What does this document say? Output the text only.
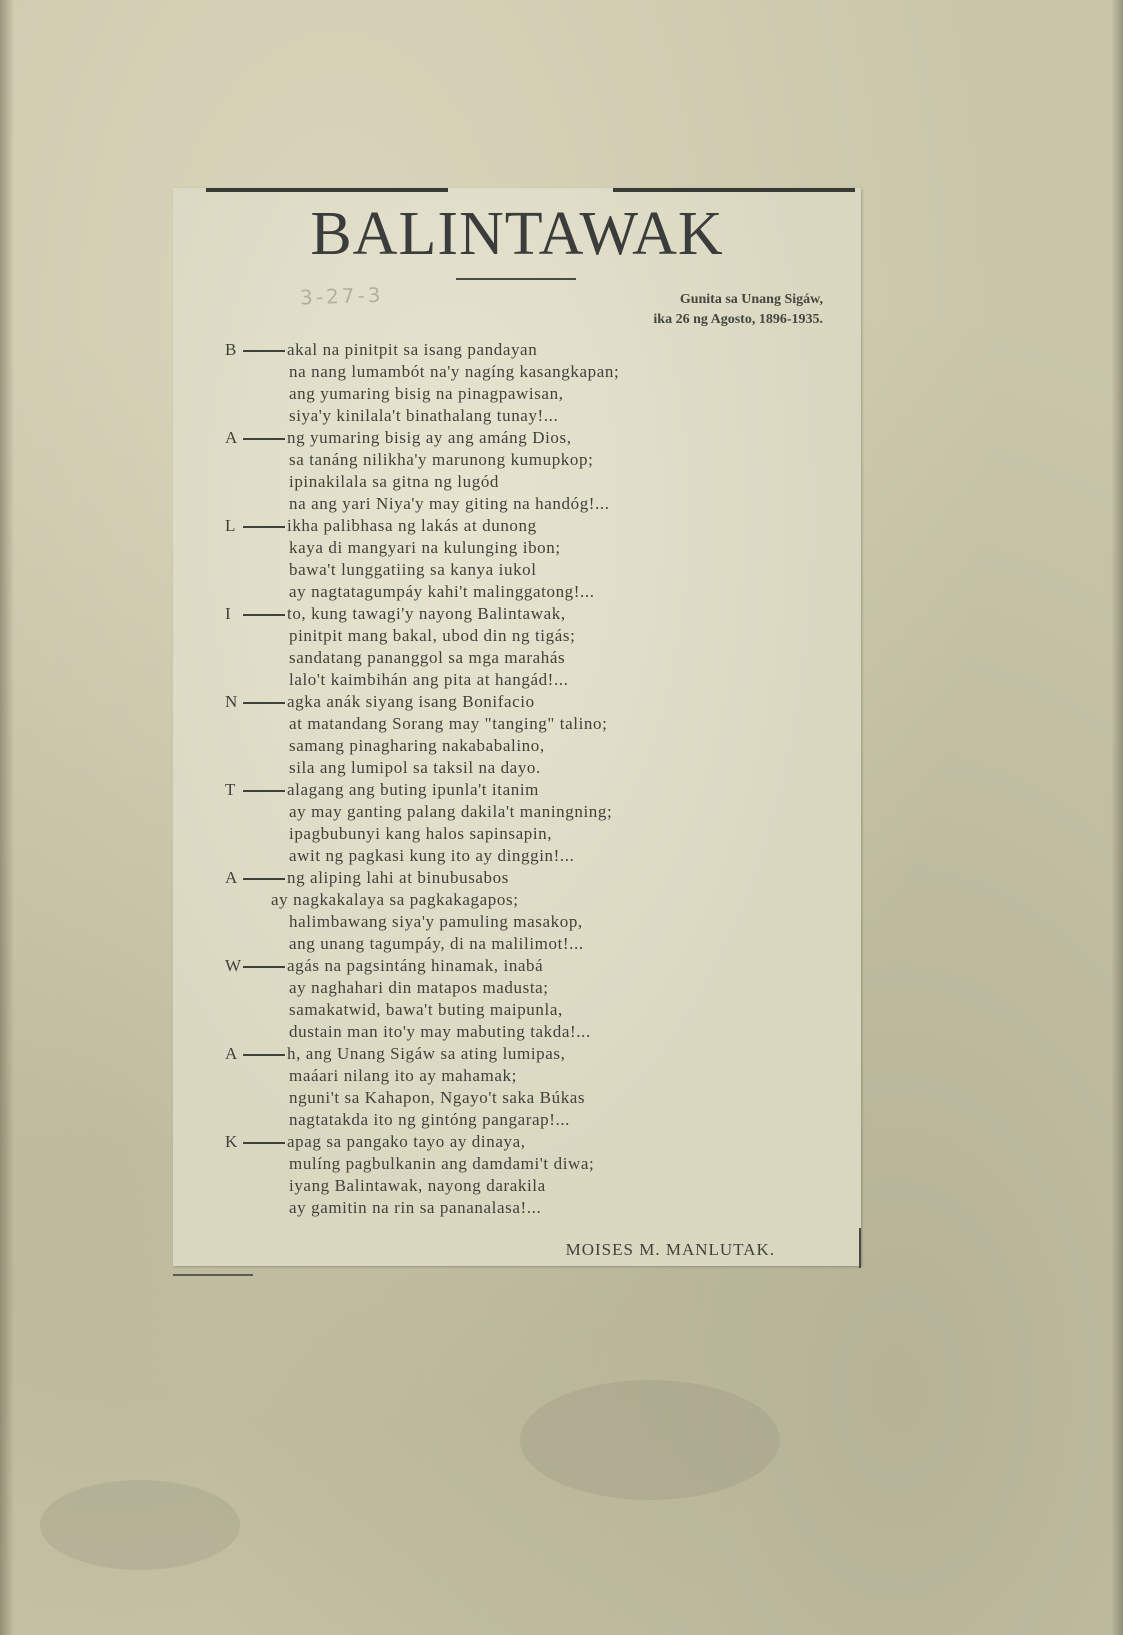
BALINTAWAK
3-27-3	Gunita sa Unang Sigáw,
ika 26 ng Agosto, 1896-1935.
B	akal na pinitpit sa isang pandayan
na nang lumambót na'y nagíng kasangkapan;
ang yumaring bisig na pinagpawisan,
siya'y kinilala't binathalang tunay!...
A	ng yumaring bisig ay ang amáng Dios,
sa tanáng nilikha'y marunong kumupkop;
ipinakilala sa gitna ng lugód
na ang yari Niya'y may giting na handóg!...
L	ikha palibhasa ng lakás at dunong
kaya di mangyari na kulunging ibon;
bawa't lunggatiing sa kanya iukol
ay nagtatagumpáy kahi't malinggatong!...
I	to, kung tawagi'y nayong Balintawak,
pinitpit mang bakal, ubod din ng tigás;
sandatang pananggol sa mga marahás
lalo't kaimbihán ang pita at hangád!...
N	agka anák siyang isang Bonifacio
at matandang Sorang may "tanging" talino;
samang pinagharing nakababalino,
sila ang lumipol sa taksil na dayo.
T	alagang ang buting ipunla't itanim
ay may ganting palang dakila't maningning;
ipagbubunyi kang halos sapinsapin,
awit ng pagkasi kung ito ay dinggin!...
A	ng aliping lahi at binubusabos
ay nagkakalaya sa pagkakagapos;
halimbawang siya'y pamuling masakop,
ang unang tagumpáy, di na malilimot!...
W	agás na pagsintáng hinamak, inabá
ay naghahari din matapos madusta;
samakatwid, bawa't buting maipunla,
dustain man ito'y may mabuting takda!...
A	h, ang Unang Sigáw sa ating lumipas,
maáari nilang ito ay mahamak;
nguni't sa Kahapon, Ngayo't saka Búkas
nagtatakda ito ng gintóng pangarap!...
K	apag sa pangako tayo ay dinaya,
mulíng pagbulkanin ang damdami't diwa;
iyang Balintawak, nayong darakila
ay gamitin na rin sa pananalasa!...
MOISES M. MANLUTAK.
